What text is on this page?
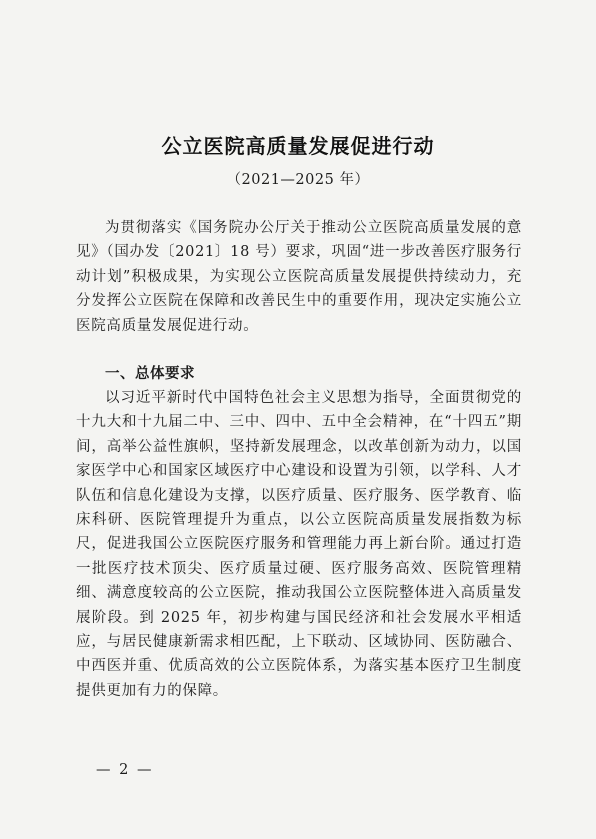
公立医院高质量发展促进行动
（2021—2025 年）

为贯彻落实《国务院办公厅关于推动公立医院高质量发展的意见》（国办发〔2021〕18 号）要求，巩固“进一步改善医疗服务行动计划”积极成果，为实现公立医院高质量发展提供持续动力，充分发挥公立医院在保障和改善民生中的重要作用，现决定实施公立医院高质量发展促进行动。

一、总体要求

以习近平新时代中国特色社会主义思想为指导，全面贯彻党的十九大和十九届二中、三中、四中、五中全会精神，在“十四五”期间，高举公益性旗帜，坚持新发展理念，以改革创新为动力，以国家医学中心和国家区域医疗中心建设和设置为引领，以学科、人才队伍和信息化建设为支撑，以医疗质量、医疗服务、医学教育、临床科研、医院管理提升为重点，以公立医院高质量发展指数为标尺，促进我国公立医院医疗服务和管理能力再上新台阶。通过打造一批医疗技术顶尖、医疗质量过硬、医疗服务高效、医院管理精细、满意度较高的公立医院，推动我国公立医院整体进入高质量发展阶段。到 2025 年，初步构建与国民经济和社会发展水平相适应，与居民健康新需求相匹配，上下联动、区域协同、医防融合、中西医并重、优质高效的公立医院体系，为落实基本医疗卫生制度提供更加有力的保障。

— 2 —
